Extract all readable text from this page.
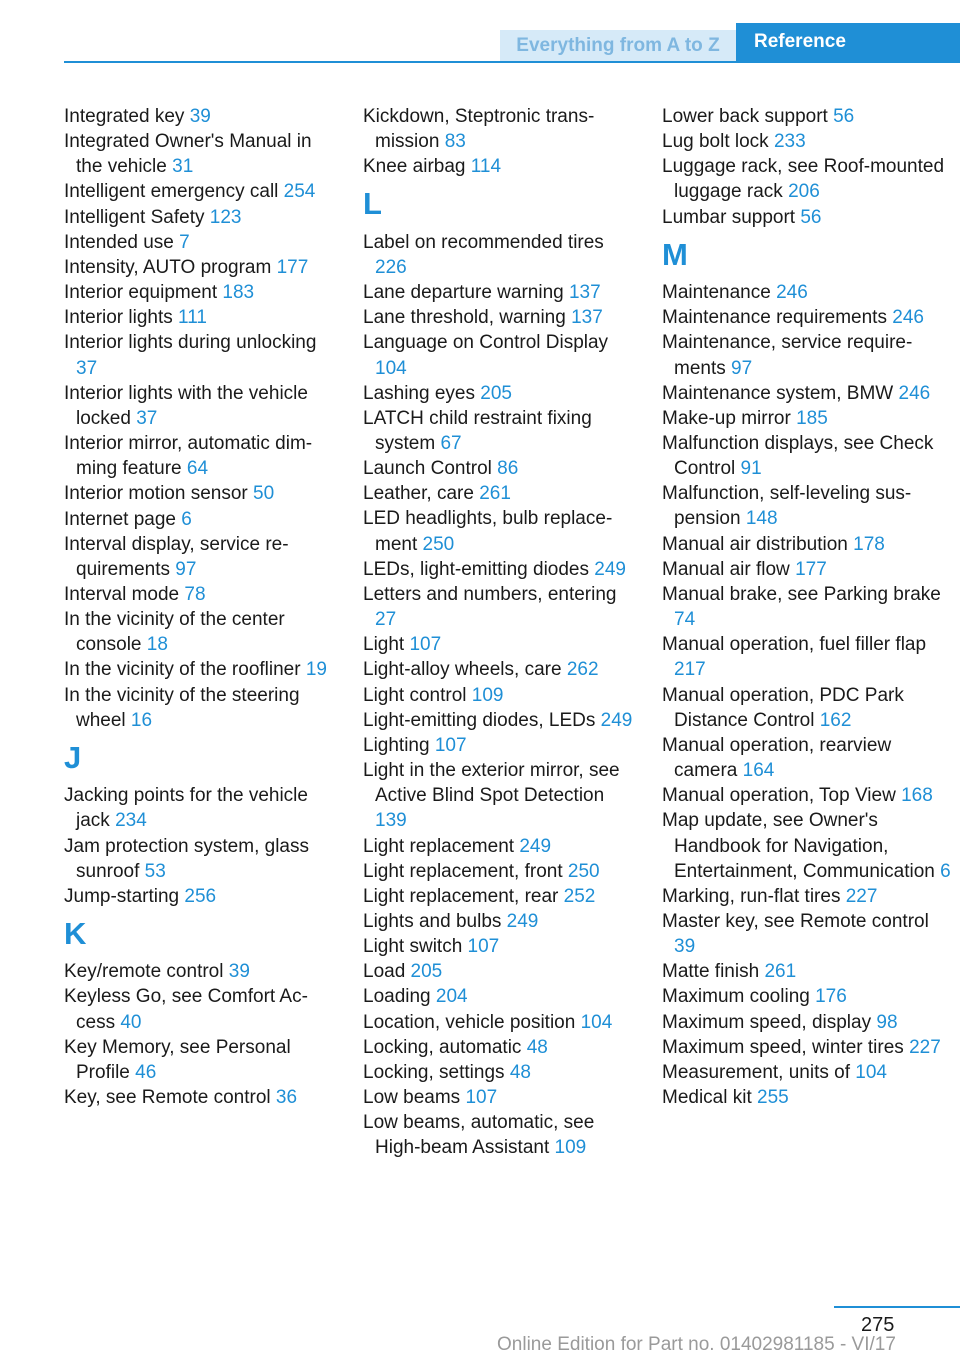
Everything from A to Z	Reference
Integrated key 39
Integrated Owner's Manual in the vehicle 31
Intelligent emergency call 254
Intelligent Safety 123
Intended use 7
Intensity, AUTO program 177
Interior equipment 183
Interior lights 111
Interior lights during unlocking 37
Interior lights with the vehicle locked 37
Interior mirror, automatic dimming feature 64
Interior motion sensor 50
Internet page 6
Interval display, service requirements 97
Interval mode 78
In the vicinity of the center console 18
In the vicinity of the roofliner 19
In the vicinity of the steering wheel 16
J
Jacking points for the vehicle jack 234
Jam protection system, glass sunroof 53
Jump-starting 256
K
Key/remote control 39
Keyless Go, see Comfort Access 40
Key Memory, see Personal Profile 46
Key, see Remote control 36
Kickdown, Steptronic transmission 83
Knee airbag 114
L
Label on recommended tires 226
Lane departure warning 137
Lane threshold, warning 137
Language on Control Display 104
Lashing eyes 205
LATCH child restraint fixing system 67
Launch Control 86
Leather, care 261
LED headlights, bulb replacement 250
LEDs, light-emitting diodes 249
Letters and numbers, entering 27
Light 107
Light-alloy wheels, care 262
Light control 109
Light-emitting diodes, LEDs 249
Lighting 107
Light in the exterior mirror, see Active Blind Spot Detection 139
Light replacement 249
Light replacement, front 250
Light replacement, rear 252
Lights and bulbs 249
Light switch 107
Load 205
Loading 204
Location, vehicle position 104
Locking, automatic 48
Locking, settings 48
Low beams 107
Low beams, automatic, see High-beam Assistant 109
Lower back support 56
Lug bolt lock 233
Luggage rack, see Roof-mounted luggage rack 206
Lumbar support 56
M
Maintenance 246
Maintenance requirements 246
Maintenance, service requirements 97
Maintenance system, BMW 246
Make-up mirror 185
Malfunction displays, see Check Control 91
Malfunction, self-leveling suspension 148
Manual air distribution 178
Manual air flow 177
Manual brake, see Parking brake 74
Manual operation, fuel filler flap 217
Manual operation, PDC Park Distance Control 162
Manual operation, rearview camera 164
Manual operation, Top View 168
Map update, see Owner's Handbook for Navigation, Entertainment, Communication 6
Marking, run-flat tires 227
Master key, see Remote control 39
Matte finish 261
Maximum cooling 176
Maximum speed, display 98
Maximum speed, winter tires 227
Measurement, units of 104
Medical kit 255
275
Online Edition for Part no. 01402981185 - VI/17
